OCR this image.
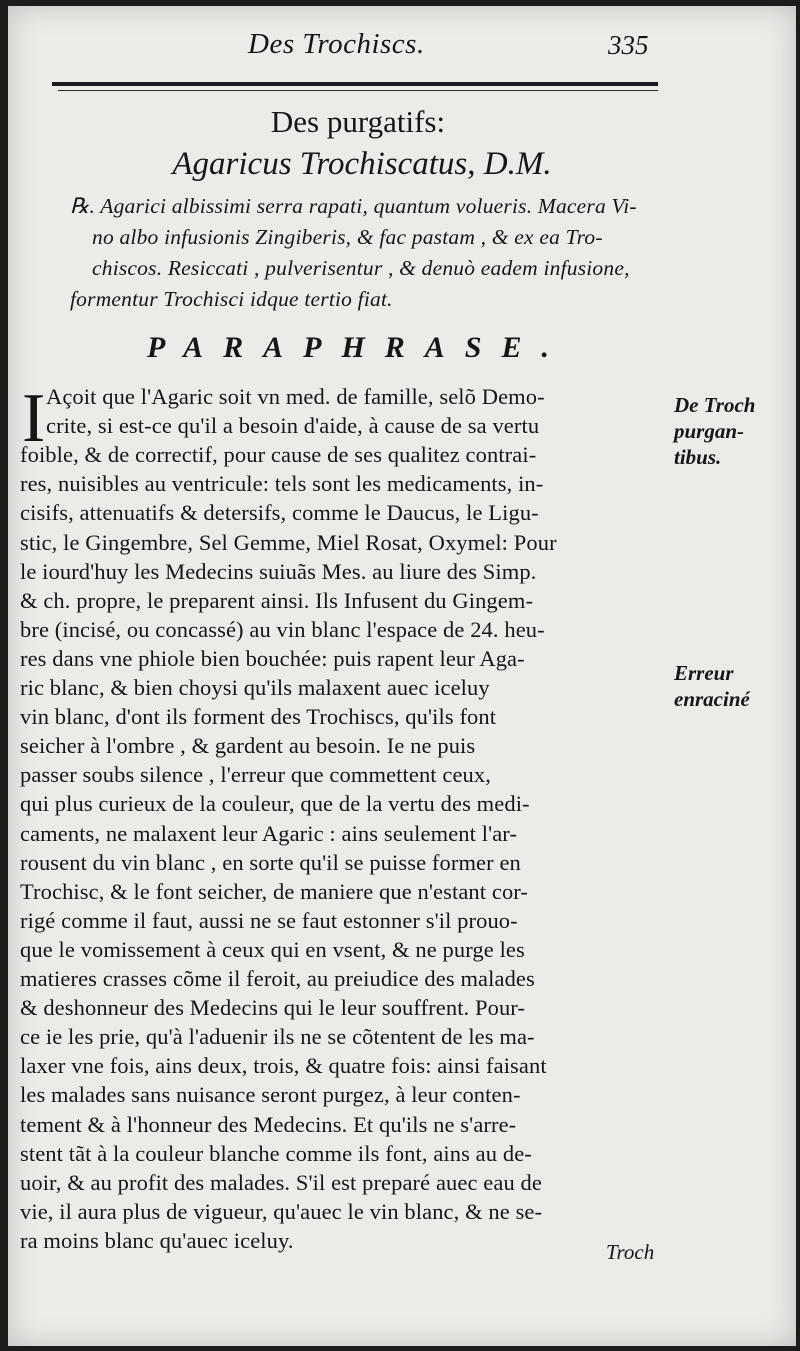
Des Trochiscs.	335
Des purgatifs:
Agaricus Trochiscatus, D.M.
℞. Agarici albissimi serra rapati, quantum volueris. Macera Vi-
no albo infusionis Zingiberis, & fac pastam , & ex ea Tro-
chiscos. Resiccati , pulverisentur , & denuò eadem infusione,
formentur Trochisci idque tertio fiat.
PARAPHRASE.
I Açoit que l'Agaric soit vn med. de famille, selõ Demo-
crite, si est-ce qu'il a besoin d'aide, à cause de sa vertu
foible, & de correctif, pour cause de ses qualitez contrai-
res, nuisibles au ventricule: tels sont les medicaments, in-
cisifs, attenuatifs & detersifs, comme le Daucus, le Ligu-
stic, le Gingembre, Sel Gemme, Miel Rosat, Oxymel: Pour
le iourd'huy les Medecins suiuãs Mes. au liure des Simp.
& ch. propre, le preparent ainsi. Ils Infusent du Gingem-
bre (incisé, ou concassé) au vin blanc l'espace de 24. heu-
res dans vne phiole bien bouchée: puis rapent leur Aga-
ric blanc, & bien choysi qu'ils malaxent auec iceluy
vin blanc, d'ont ils forment des Trochiscs, qu'ils font
seicher à l'ombre , & gardent au besoin. Ie ne puis
passer soubs silence , l'erreur que commettent ceux,
qui plus curieux de la couleur, que de la vertu des medi-
caments, ne malaxent leur Agaric : ains seulement l'ar-
rousent du vin blanc , en sorte qu'il se puisse former en
Trochisc, & le font seicher, de maniere que n'estant cor-
rigé comme il faut, aussi ne se faut estonner s'il prouo-
que le vomissement à ceux qui en vsent, & ne purge les
matieres crasses cõme il feroit, au preiudice des malades
& deshonneur des Medecins qui le leur souffrent. Pour-
ce ie les prie, qu'à l'aduenir ils ne se cõtentent de les ma-
laxer vne fois, ains deux, trois, & quatre fois: ainsi faisant
les malades sans nuisance seront purgez, à leur conten-
tement & à l'honneur des Medecins. Et qu'ils ne s'arre-
stent tãt à la couleur blanche comme ils font, ains au de-
uoir, & au profit des malades. S'il est preparé auec eau de
vie, il aura plus de vigueur, qu'auec le vin blanc, & ne se-
ra moins blanc qu'auec iceluy.
De Troch
purgan-
tibus.
Erreur
enraciné
Troch
